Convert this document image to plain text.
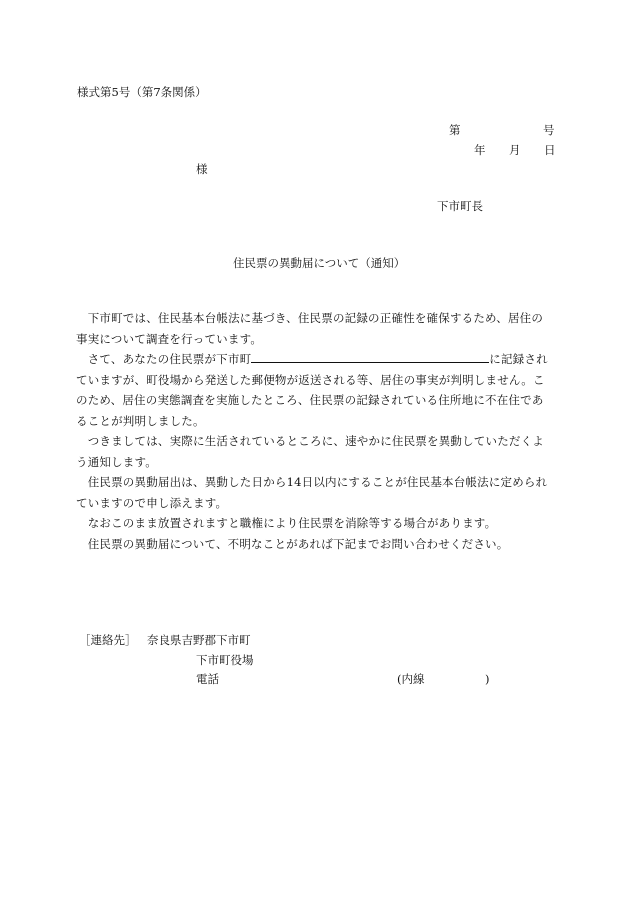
様式第5号（第7条関係）
第	号
年 月 日
様
下市町長
住民票の異動届について（通知）
　下市町では、住民基本台帳法に基づき、住民票の記録の正確性を確保するため、居住の
事実について調査を行っています。
　さて、あなたの住民票が下市町	に記録され
ていますが、町役場から発送した郵便物が返送される等、居住の事実が判明しません。こ
のため、居住の実態調査を実施したところ、住民票の記録されている住所地に不在住であ
ることが判明しました。
　つきましては、実際に生活されているところに、速やかに住民票を異動していただくよ
う通知します。
　住民票の異動届出は、異動した日から14日以内にすることが住民基本台帳法に定められ
ていますので申し添えます。
　なおこのまま放置されますと職権により住民票を消除等する場合があります。
　住民票の異動届について、不明なことがあれば下記までお問い合わせください。
［連絡先］ 奈良県吉野郡下市町
下市町役場
電話	(内線	)
